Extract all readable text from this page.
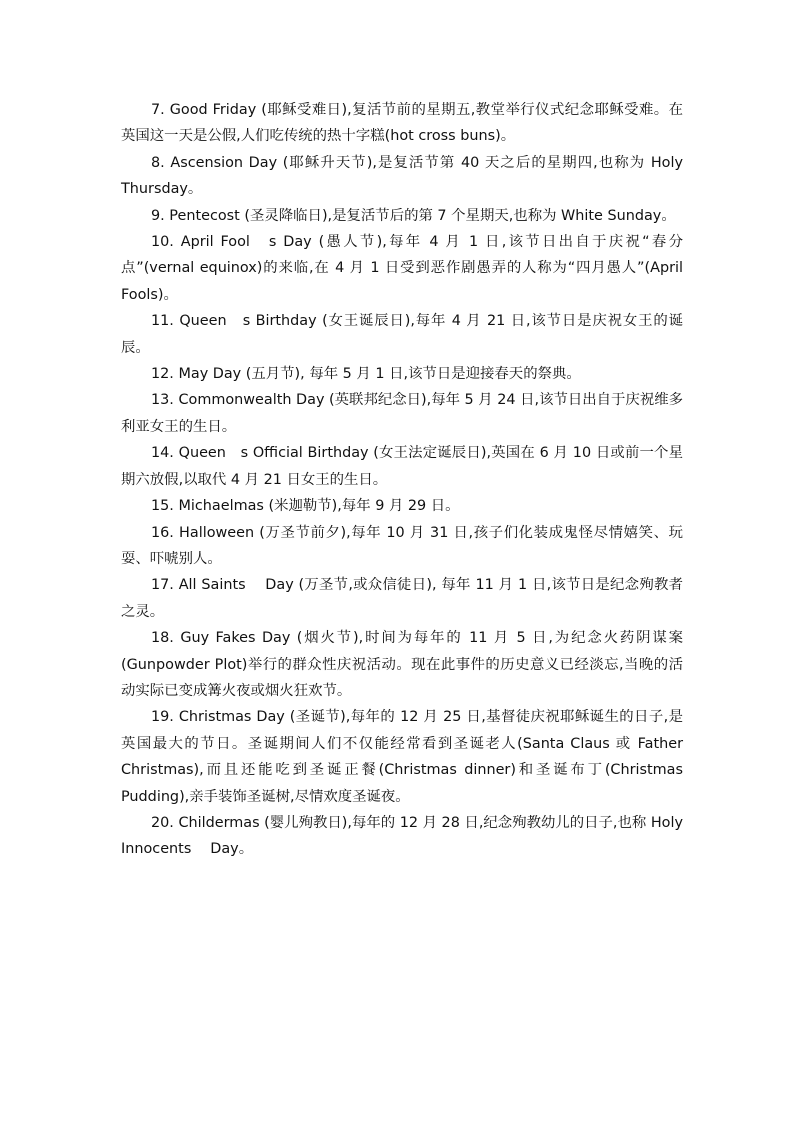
7. Good Friday (耶稣受难日),复活节前的星期五,教堂举行仪式纪念耶稣受难。在英国这一天是公假,人们吃传统的热十字糕(hot cross buns)。

8. Ascension Day (耶稣升天节),是复活节第 40 天之后的星期四,也称为 Holy Thursday。

9. Pentecost (圣灵降临日),是复活节后的第 7 个星期天,也称为 White Sunday。

10. April Fool　s Day (愚人节),每年 4 月 1 日,该节日出自于庆祝“春分点”(vernal equinox)的来临,在 4 月 1 日受到恶作剧愚弄的人称为“四月愚人”(April Fools)。

11. Queen　s Birthday (女王诞辰日),每年 4 月 21 日,该节日是庆祝女王的诞辰。

12. May Day (五月节), 每年 5 月 1 日,该节日是迎接春天的祭典。

13. Commonwealth Day (英联邦纪念日),每年 5 月 24 日,该节日出自于庆祝维多利亚女王的生日。

14. Queen　s Official Birthday (女王法定诞辰日),英国在 6 月 10 日或前一个星期六放假,以取代 4 月 21 日女王的生日。

15. Michaelmas (米迦勒节),每年 9 月 29 日。

16. Halloween (万圣节前夕),每年 10 月 31 日,孩子们化装成鬼怪尽情嬉笑、玩耍、吓唬别人。

17. All Saints　 Day (万圣节,或众信徒日), 每年 11 月 1 日,该节日是纪念殉教者之灵。

18. Guy Fakes Day (烟火节),时间为每年的 11 月 5 日,为纪念火药阴谋案(Gunpowder Plot)举行的群众性庆祝活动。现在此事件的历史意义已经淡忘,当晚的活动实际已变成篝火夜或烟火狂欢节。

19. Christmas Day (圣诞节),每年的 12 月 25 日,基督徒庆祝耶稣诞生的日子,是英国最大的节日。圣诞期间人们不仅能经常看到圣诞老人(Santa Claus 或 Father Christmas),而且还能吃到圣诞正餐(Christmas dinner)和圣诞布丁(Christmas Pudding),亲手装饰圣诞树,尽情欢度圣诞夜。

20. Childermas (婴儿殉教日),每年的 12 月 28 日,纪念殉教幼儿的日子,也称 Holy Innocents　 Day。
